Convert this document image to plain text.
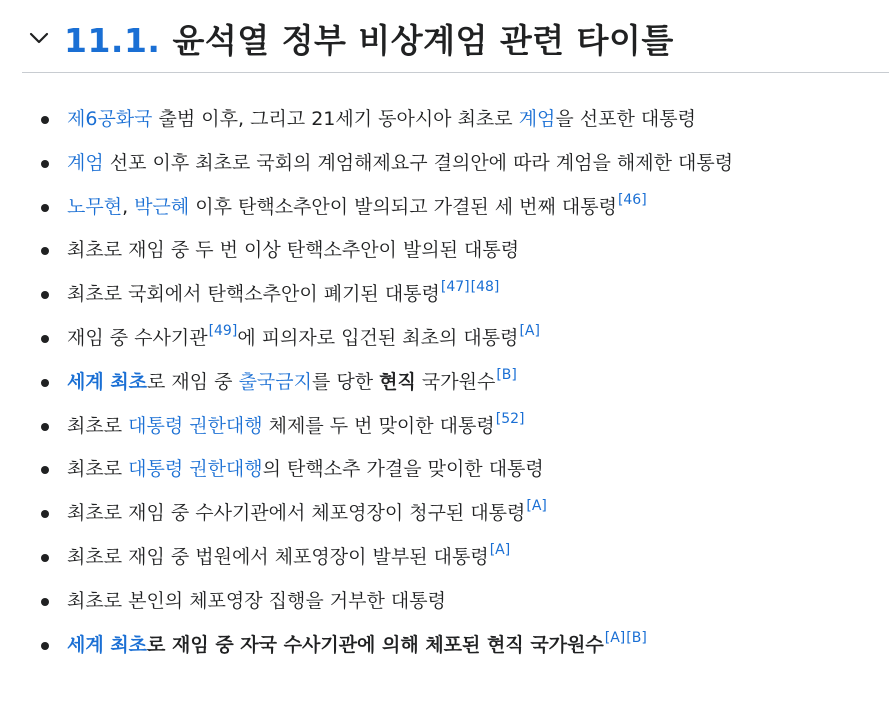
11.1. 윤석열 정부 비상계엄 관련 타이틀
제6공화국 출범 이후, 그리고 21세기 동아시아 최초로 계엄을 선포한 대통령
계엄 선포 이후 최초로 국회의 계엄해제요구 결의안에 따라 계엄을 해제한 대통령
노무현, 박근혜 이후 탄핵소추안이 발의되고 가결된 세 번째 대통령[46]
최초로 재임 중 두 번 이상 탄핵소추안이 발의된 대통령
최초로 국회에서 탄핵소추안이 폐기된 대통령[47][48]
재임 중 수사기관[49]에 피의자로 입건된 최초의 대통령[A]
세계 최초로 재임 중 출국금지를 당한 현직 국가원수[B]
최초로 대통령 권한대행 체제를 두 번 맞이한 대통령[52]
최초로 대통령 권한대행의 탄핵소추 가결을 맞이한 대통령
최초로 재임 중 수사기관에서 체포영장이 청구된 대통령[A]
최초로 재임 중 법원에서 체포영장이 발부된 대통령[A]
최초로 본인의 체포영장 집행을 거부한 대통령
세계 최초로 재임 중 자국 수사기관에 의해 체포된 현직 국가원수[A][B]
